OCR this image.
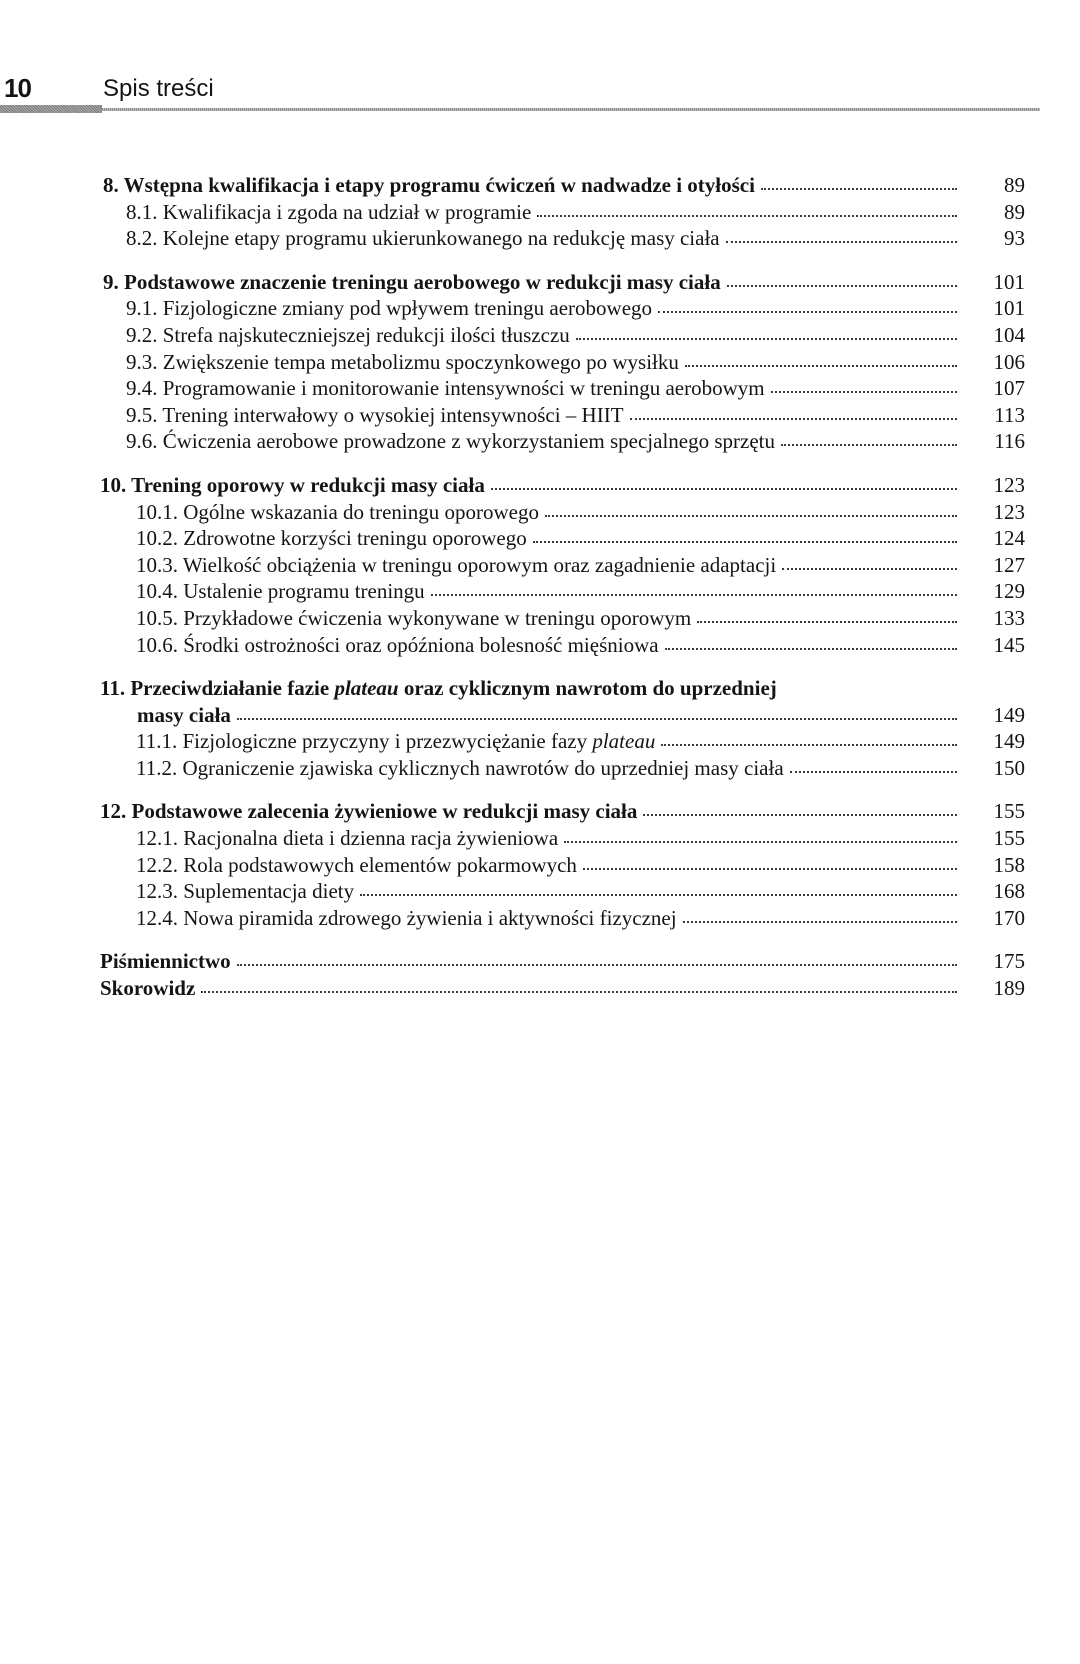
10	Spis treści
8. Wstępna kwalifikacja i etapy programu ćwiczeń w nadwadze i otyłości	89
8.1. Kwalifikacja i zgoda na udział w programie	89
8.2. Kolejne etapy programu ukierunkowanego na redukcję masy ciała	93
9. Podstawowe znaczenie treningu aerobowego w redukcji masy ciała	101
9.1. Fizjologiczne zmiany pod wpływem treningu aerobowego	101
9.2. Strefa najskuteczniejszej redukcji ilości tłuszczu	104
9.3. Zwiększenie tempa metabolizmu spoczynkowego po wysiłku	106
9.4. Programowanie i monitorowanie intensywności w treningu aerobowym	107
9.5. Trening interwałowy o wysokiej intensywności – HIIT	113
9.6. Ćwiczenia aerobowe prowadzone z wykorzystaniem specjalnego sprzętu	116
10. Trening oporowy w redukcji masy ciała	123
10.1. Ogólne wskazania do treningu oporowego	123
10.2. Zdrowotne korzyści treningu oporowego	124
10.3. Wielkość obciążenia w treningu oporowym oraz zagadnienie adaptacji	127
10.4. Ustalenie programu treningu	129
10.5. Przykładowe ćwiczenia wykonywane w treningu oporowym	133
10.6. Środki ostrożności oraz opóźniona bolesność mięśniowa	145
11. Przeciwdziałanie fazie plateau oraz cyklicznym nawrotom do uprzedniej
masy ciała	149
11.1. Fizjologiczne przyczyny i przezwyciężanie fazy plateau	149
11.2. Ograniczenie zjawiska cyklicznych nawrotów do uprzedniej masy ciała	150
12. Podstawowe zalecenia żywieniowe w redukcji masy ciała	155
12.1. Racjonalna dieta i dzienna racja żywieniowa	155
12.2. Rola podstawowych elementów pokarmowych	158
12.3. Suplementacja diety	168
12.4. Nowa piramida zdrowego żywienia i aktywności fizycznej	170
Piśmiennictwo	175
Skorowidz	189
